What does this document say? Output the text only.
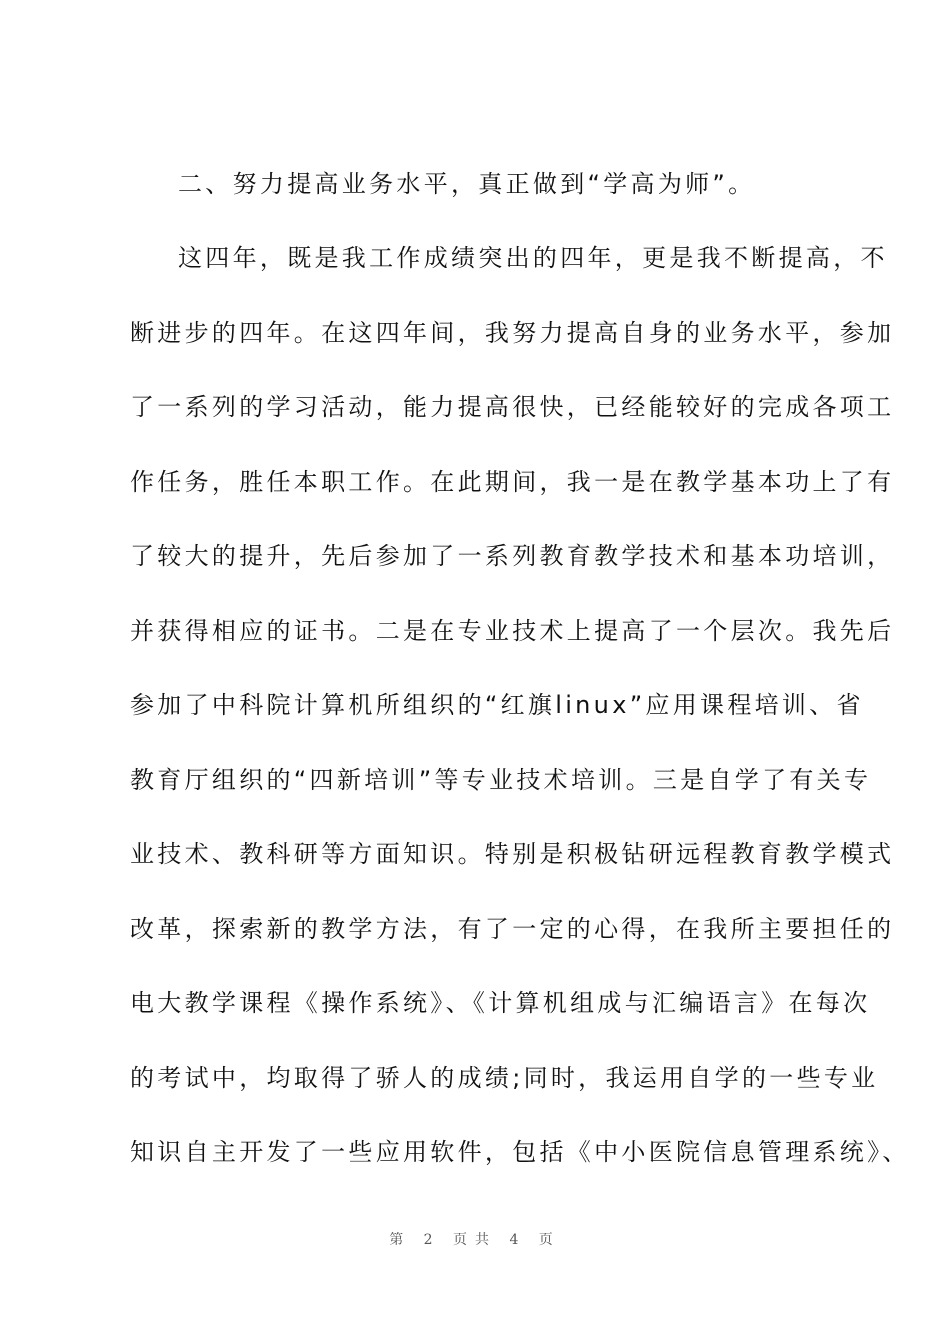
二、努力提高业务水平，真正做到“学高为师”。
这四年，既是我工作成绩突出的四年，更是我不断提高，不
断进步的四年。在这四年间，我努力提高自身的业务水平，参加
了一系列的学习活动，能力提高很快，已经能较好的完成各项工
作任务，胜任本职工作。在此期间，我一是在教学基本功上了有
了较大的提升，先后参加了一系列教育教学技术和基本功培训，
并获得相应的证书。二是在专业技术上提高了一个层次。我先后
参加了中科院计算机所组织的“红旗linux”应用课程培训、省
教育厅组织的“四新培训”等专业技术培训。三是自学了有关专
业技术、教科研等方面知识。特别是积极钻研远程教育教学模式
改革，探索新的教学方法，有了一定的心得，在我所主要担任的
电大教学课程《操作系统》、《计算机组成与汇编语言》在每次
的考试中，均取得了骄人的成绩;同时，我运用自学的一些专业
知识自主开发了一些应用软件，包括《中小医院信息管理系统》、
第 2 页共 4 页
